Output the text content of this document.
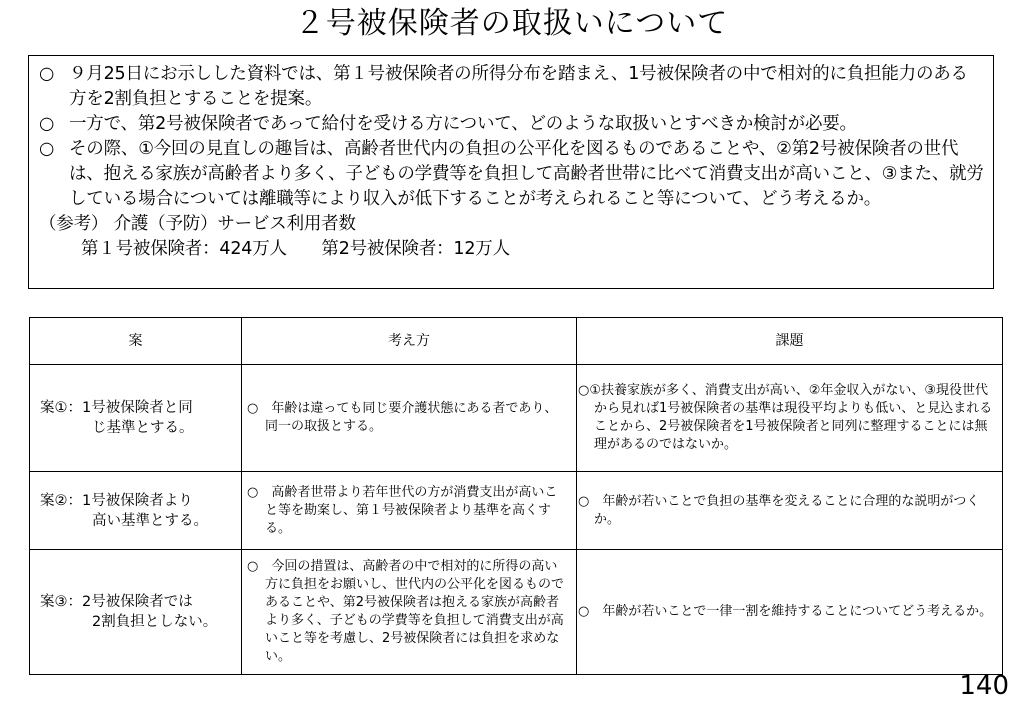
２号被保険者の取扱いについて
○ ９月25日にお示しした資料では、第１号被保険者の所得分布を踏まえ、1号被保険者の中で相対的に負担能力のある方を2割負担とすることを提案。
○ 一方で、第2号被保険者であって給付を受ける方について、どのような取扱いとすべきか検討が必要。
○ その際、①今回の見直しの趣旨は、高齢者世代内の負担の公平化を図るものであることや、②第2号被保険者の世代は、抱える家族が高齢者より多く、子どもの学費等を負担して高齢者世帯に比べて消費支出が高いこと、③また、就労している場合については離職等により収入が低下することが考えられること等について、どう考えるか。
（参考） 介護（予防）サービス利用者数
第１号被保険者：424万人　　第2号被保険者：12万人
案	考え方	課題

案①：1号被保険者と同
じ基準とする。	○　年齢は違っても同じ要介護状態にある者であり、同一の取扱とする。	○①扶養家族が多く、消費支出が高い、②年金収入がない、③現役世代から見れば1号被保険者の基準は現役平均よりも低い、と見込まれることから、2号被保険者を1号被保険者と同列に整理することには無理があるのではないか。

案②：1号被保険者より
高い基準とする。	○　高齢者世帯より若年世代の方が消費支出が高いこと等を勘案し、第１号被保険者より基準を高くする。	○　年齢が若いことで負担の基準を変えることに合理的な説明がつくか。

案③：2号被保険者では
2割負担としない。	○　今回の措置は、高齢者の中で相対的に所得の高い方に負担をお願いし、世代内の公平化を図るものであることや、第2号被保険者は抱える家族が高齢者より多く、子どもの学費等を負担して消費支出が高いこと等を考慮し、2号被保険者には負担を求めない。	○　年齢が若いことで一律一割を維持することについてどう考えるか。
140
